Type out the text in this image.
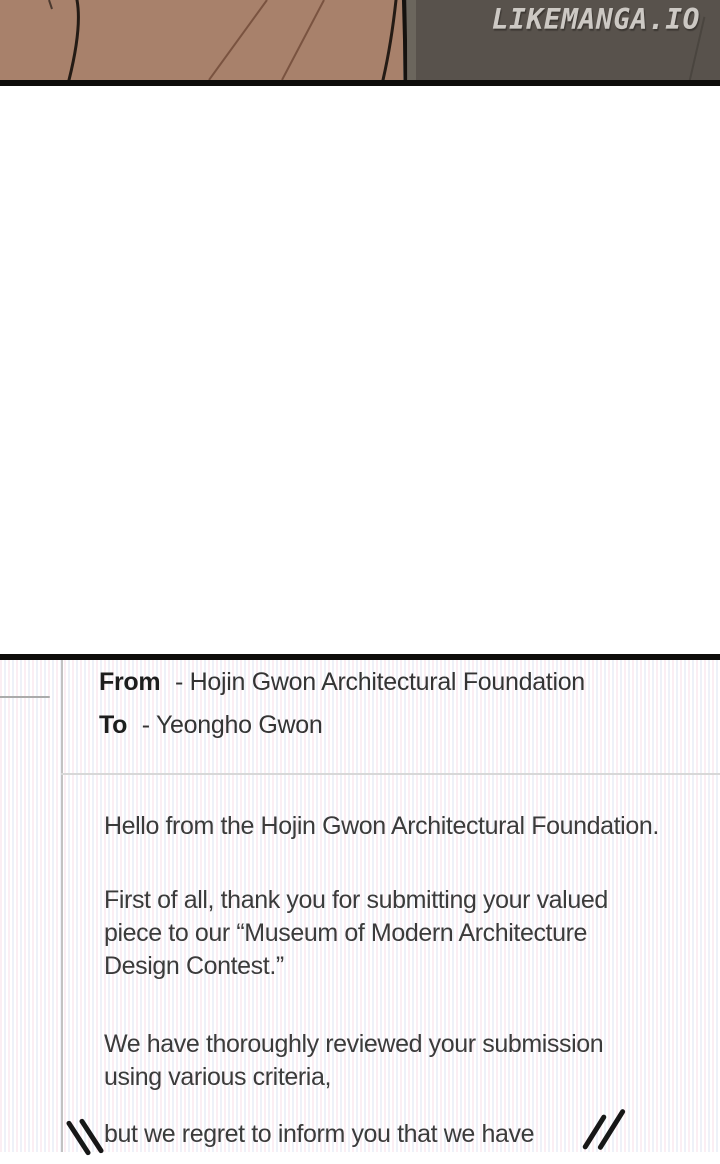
LIKEMANGA.IO
From - Hojin Gwon Architectural Foundation
To - Yeongho Gwon
Hello from the Hojin Gwon Architectural Foundation.
First of all, thank you for submitting your valued
piece to our “Museum of Modern Architecture
Design Contest.”
We have thoroughly reviewed your submission
using various criteria,
but we regret to inform you that we have
